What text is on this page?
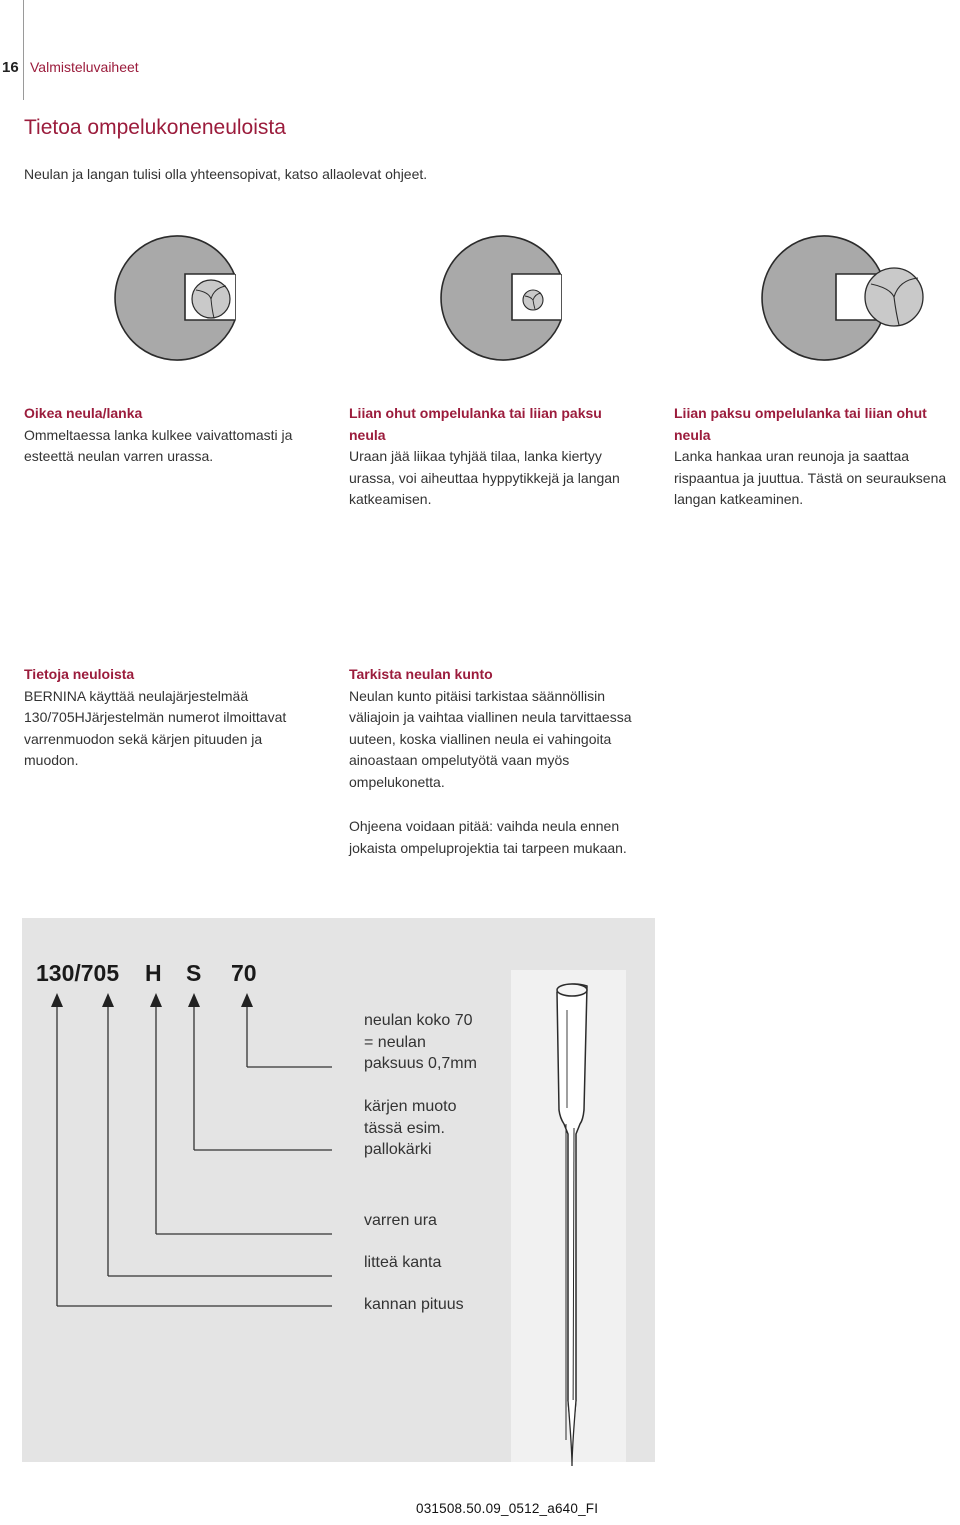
16 Valmisteluvaiheet
Tietoa ompelukoneneuloista
Neulan ja langan tulisi olla yhteensopivat, katso allaolevat ohjeet.
Oikea neula/lanka
Ommeltaessa lanka kulkee vaivattomasti ja
esteettä neulan varren urassa.
Liian ohut ompelulanka tai liian paksu
neula
Uraan jää liikaa tyhjää tilaa, lanka kiertyy
urassa, voi aiheuttaa hyppytikkejä ja langan
katkeamisen.
Liian paksu ompelulanka tai liian ohut
neula
Lanka hankaa uran reunoja ja saattaa
rispaantua ja juuttua. Tästä on seurauksena
langan katkeaminen.
Tietoja neuloista
BERNINA käyttää neulajärjestelmää
130/705HJärjestelmän numerot ilmoittavat
varrenmuodon sekä kärjen pituuden ja
muodon.
Tarkista neulan kunto
Neulan kunto pitäisi tarkistaa säännöllisin
väliajoin ja vaihtaa viallinen neula tarvittaessa
uuteen, koska viallinen neula ei vahingoita
ainoastaan ompelutyötä vaan myös
ompelukonetta.
Ohjeena voidaan pitää: vaihda neula ennen
jokaista ompeluprojektia tai tarpeen mukaan.
130/705 H S 70
neulan koko 70
= neulan
paksuus 0,7mm
kärjen muoto
tässä esim.
pallokärki
varren ura
litteä kanta
kannan pituus
031508.50.09_0512_a640_FI
